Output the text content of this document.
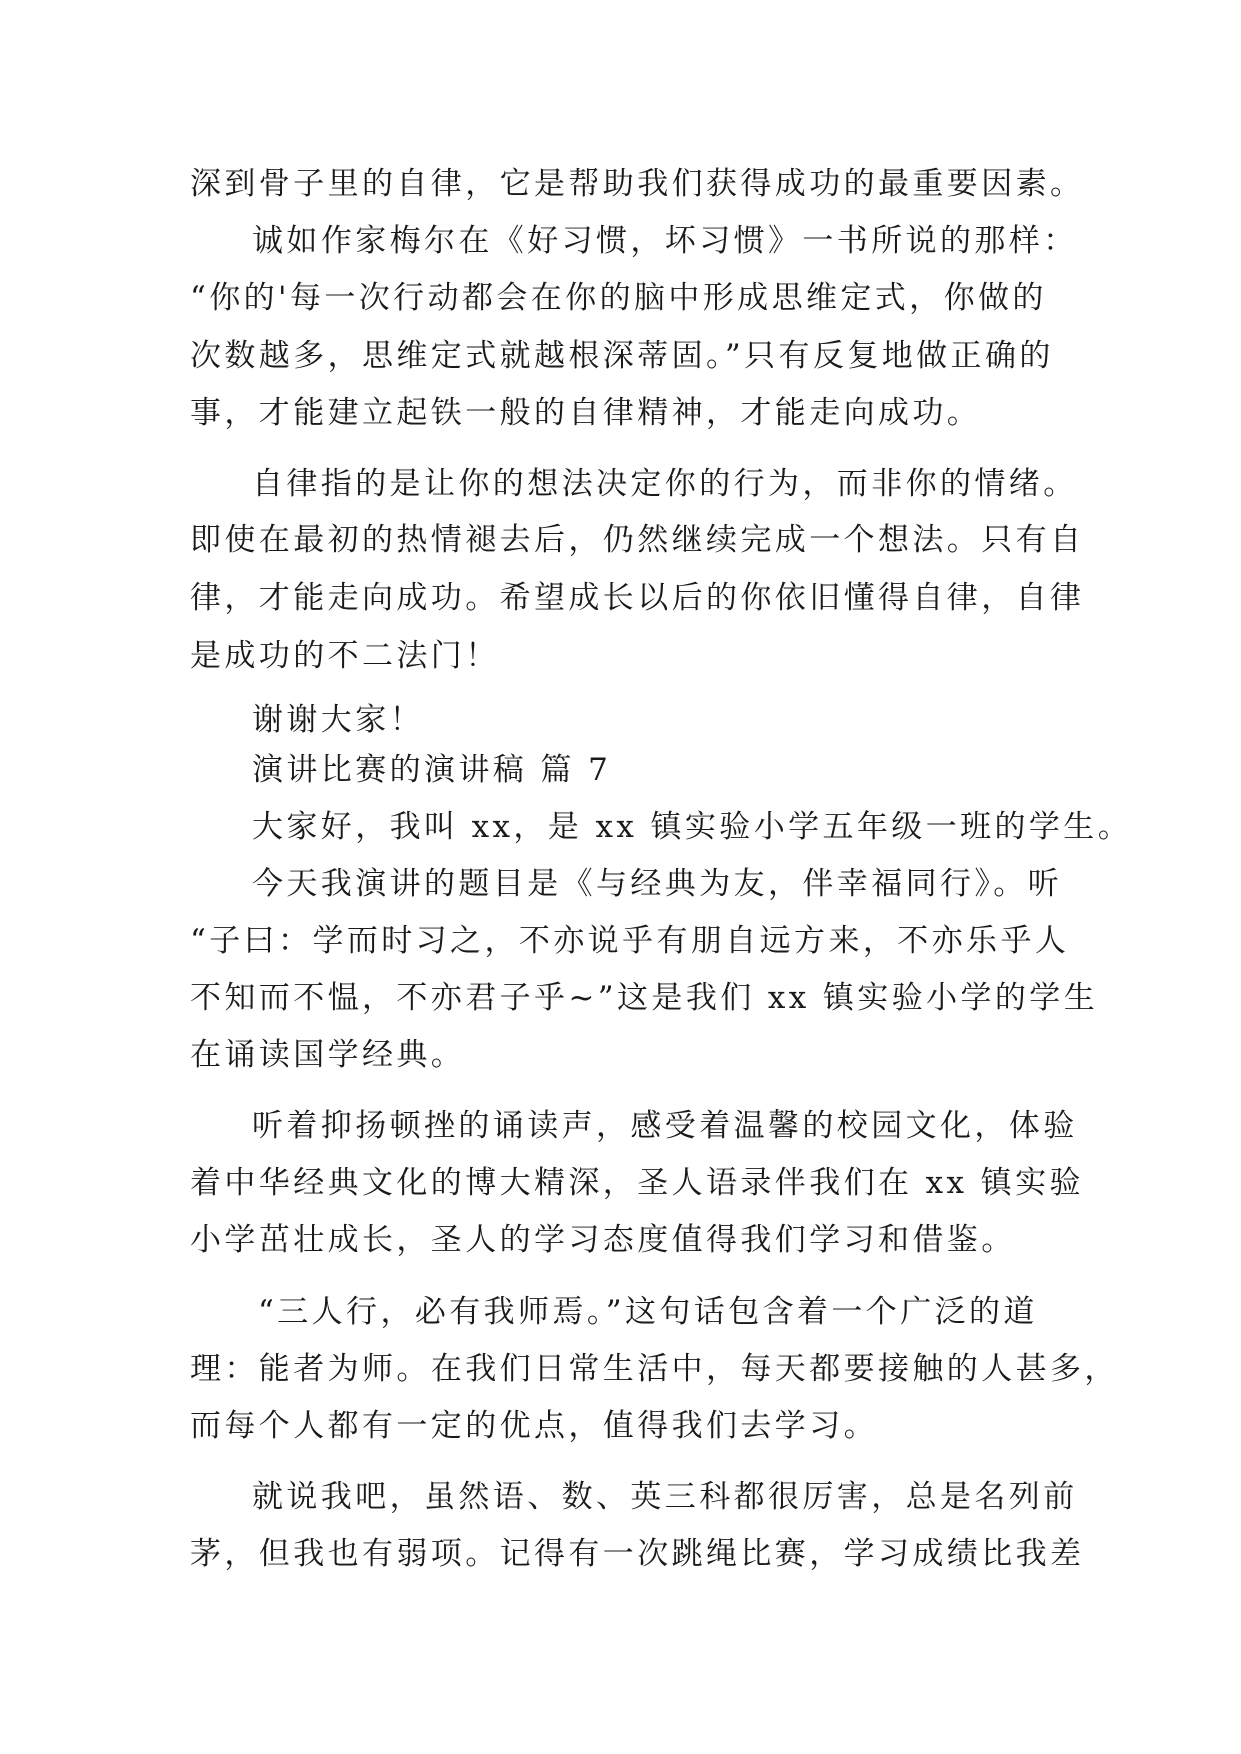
深到骨子里的自律，它是帮助我们获得成功的最重要因素。
诚如作家梅尔在《好习惯，坏习惯》一书所说的那样：
“你的'每一次行动都会在你的脑中形成思维定式，你做的
次数越多，思维定式就越根深蒂固。”只有反复地做正确的
事，才能建立起铁一般的自律精神，才能走向成功。
自律指的是让你的想法决定你的行为，而非你的情绪。
即使在最初的热情褪去后，仍然继续完成一个想法。只有自
律，才能走向成功。希望成长以后的你依旧懂得自律，自律
是成功的不二法门！
谢谢大家！
演讲比赛的演讲稿 篇 7
大家好，我叫 xx，是 xx 镇实验小学五年级一班的学生。
今天我演讲的题目是《与经典为友，伴幸福同行》。听
“子曰：学而时习之，不亦说乎有朋自远方来，不亦乐乎人
不知而不愠，不亦君子乎~”这是我们 xx 镇实验小学的学生
在诵读国学经典。
听着抑扬顿挫的诵读声，感受着温馨的校园文化，体验
着中华经典文化的博大精深，圣人语录伴我们在 xx 镇实验
小学茁壮成长，圣人的学习态度值得我们学习和借鉴。
“三人行，必有我师焉。”这句话包含着一个广泛的道
理：能者为师。在我们日常生活中，每天都要接触的人甚多，
而每个人都有一定的优点，值得我们去学习。
就说我吧，虽然语、数、英三科都很厉害，总是名列前
茅，但我也有弱项。记得有一次跳绳比赛，学习成绩比我差
